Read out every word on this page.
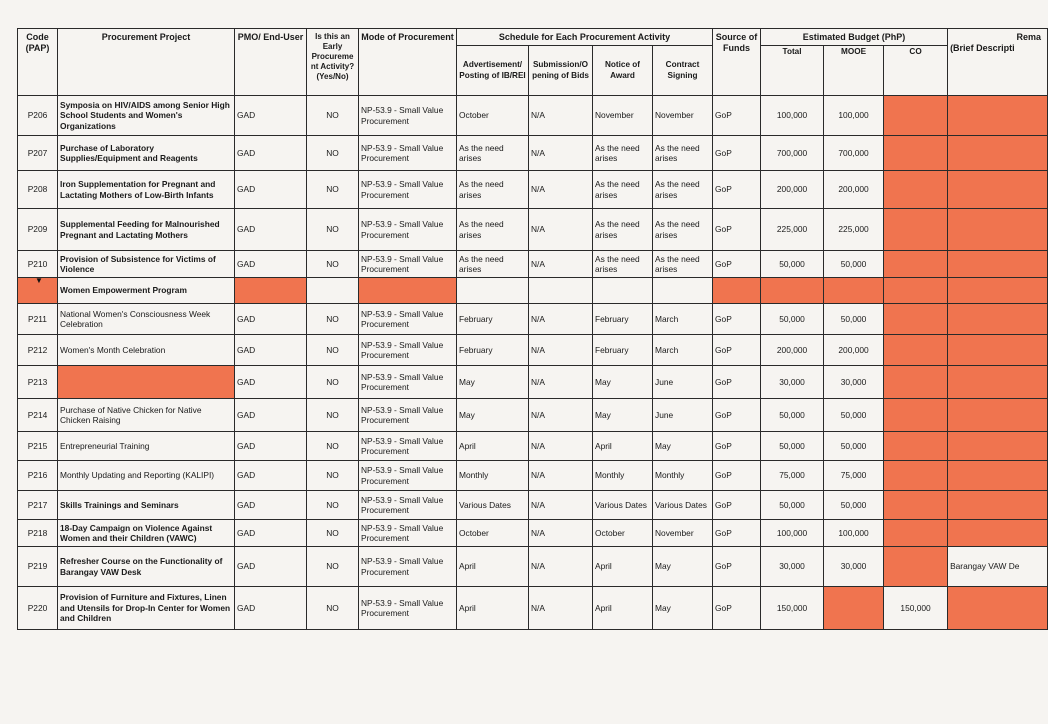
Code (PAP)	Procurement Project	PMO/ End-User	Is this an Early Procureme nt Activity? (Yes/No)	Mode of Procurement	Schedule for Each Procurement Activity				Source of Funds	Estimated Budget (PhP)			Rema
(Brief Descripti

					Advertisement/ Posting of IB/REI	Submission/O pening of Bids	Notice of Award	Contract Signing		Total	MOOE	CO	
P206	Symposia on HIV/AIDS among Senior High School Students and Women's Organizations	GAD	NO	NP-53.9 - Small Value Procurement	October	N/A	November	November	GoP	100,000	100,000		
P207	Purchase of Laboratory Supplies/Equipment and Reagents	GAD	NO	NP-53.9 - Small Value Procurement	As the need arises	N/A	As the need arises	As the need arises	GoP	700,000	700,000		
P208	Iron Supplementation for Pregnant and Lactating Mothers of Low-Birth Infants	GAD	NO	NP-53.9 - Small Value Procurement	As the need arises	N/A	As the need arises	As the need arises	GoP	200,000	200,000		
P209	Supplemental Feeding for Malnourished Pregnant and Lactating Mothers	GAD	NO	NP-53.9 - Small Value Procurement	As the need arises	N/A	As the need arises	As the need arises	GoP	225,000	225,000		
P210	Provision of Subsistence for Victims of Violence	GAD	NO	NP-53.9 - Small Value Procurement	As the need arises	N/A	As the need arises	As the need arises	GoP	50,000	50,000		
	Women Empowerment Program												
P211	National Women's Consciousness Week Celebration	GAD	NO	NP-53.9 - Small Value Procurement	February	N/A	February	March	GoP	50,000	50,000		
P212	Women's Month Celebration	GAD	NO	NP-53.9 - Small Value Procurement	February	N/A	February	March	GoP	200,000	200,000		
P213		GAD	NO	NP-53.9 - Small Value Procurement	May	N/A	May	June	GoP	30,000	30,000		
P214	Purchase of Native Chicken for Native Chicken Raising	GAD	NO	NP-53.9 - Small Value Procurement	May	N/A	May	June	GoP	50,000	50,000		
P215	Entrepreneurial Training	GAD	NO	NP-53.9 - Small Value Procurement	April	N/A	April	May	GoP	50,000	50,000		
P216	Monthly Updating and Reporting (KALIPI)	GAD	NO	NP-53.9 - Small Value Procurement	Monthly	N/A	Monthly	Monthly	GoP	75,000	75,000		
P217	Skills Trainings and Seminars	GAD	NO	NP-53.9 - Small Value Procurement	Various Dates	N/A	Various Dates	Various Dates	GoP	50,000	50,000		
P218	18-Day Campaign on Violence Against Women and their Children (VAWC)	GAD	NO	NP-53.9 - Small Value Procurement	October	N/A	October	November	GoP	100,000	100,000		
P219	Refresher Course on the Functionality of Barangay VAW Desk	GAD	NO	NP-53.9 - Small Value Procurement	April	N/A	April	May	GoP	30,000	30,000		Barangay VAW De
P220	Provision of Furniture and Fixtures, Linen and Utensils for Drop-In Center for Women and Children	GAD	NO	NP-53.9 - Small Value Procurement	April	N/A	April	May	GoP	150,000		150,000	
▼
